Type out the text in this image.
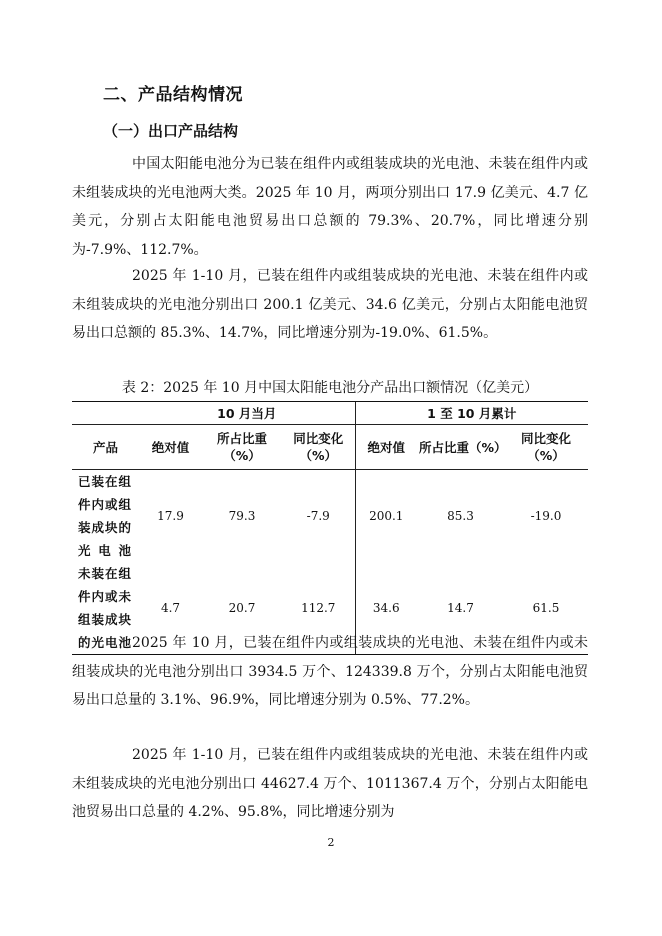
二、产品结构情况
（一）出口产品结构

中国太阳能电池分为已装在组件内或组装成块的光电池、未装在组件内或未组装成块的光电池两大类。2025 年 10 月，两项分别出口 17.9 亿美元、4.7 亿美元，分别占太阳能电池贸易出口总额的 79.3%、20.7%，同比增速分别为-7.9%、112.7%。

2025 年 1-10 月，已装在组件内或组装成块的光电池、未装在组件内或未组装成块的光电池分别出口 200.1 亿美元、34.6 亿美元，分别占太阳能电池贸易出口总额的 85.3%、14.7%，同比增速分别为-19.0%、61.5%。

表 2：2025 年 10 月中国太阳能电池分产品出口额情况（亿美元）
	10 月当月			1 至 10 月累计		
产品	绝对值	所占比重（%）	同比变化（%）	绝对值	所占比重（%）	同比变化（%）
已装在组件内或组装成块的光电池	17.9	79.3	-7.9	200.1	85.3	-19.0
未装在组件内或未组装成块的光电池	4.7	20.7	112.7	34.6	14.7	61.5

2025 年 10 月，已装在组件内或组装成块的光电池、未装在组件内或未组装成块的光电池分别出口 3934.5 万个、124339.8 万个，分别占太阳能电池贸易出口总量的 3.1%、96.9%，同比增速分别为 0.5%、77.2%。

2025 年 1-10 月，已装在组件内或组装成块的光电池、未装在组件内或未组装成块的光电池分别出口 44627.4 万个、1011367.4 万个，分别占太阳能电池贸易出口总量的 4.2%、95.8%，同比增速分别为

2
